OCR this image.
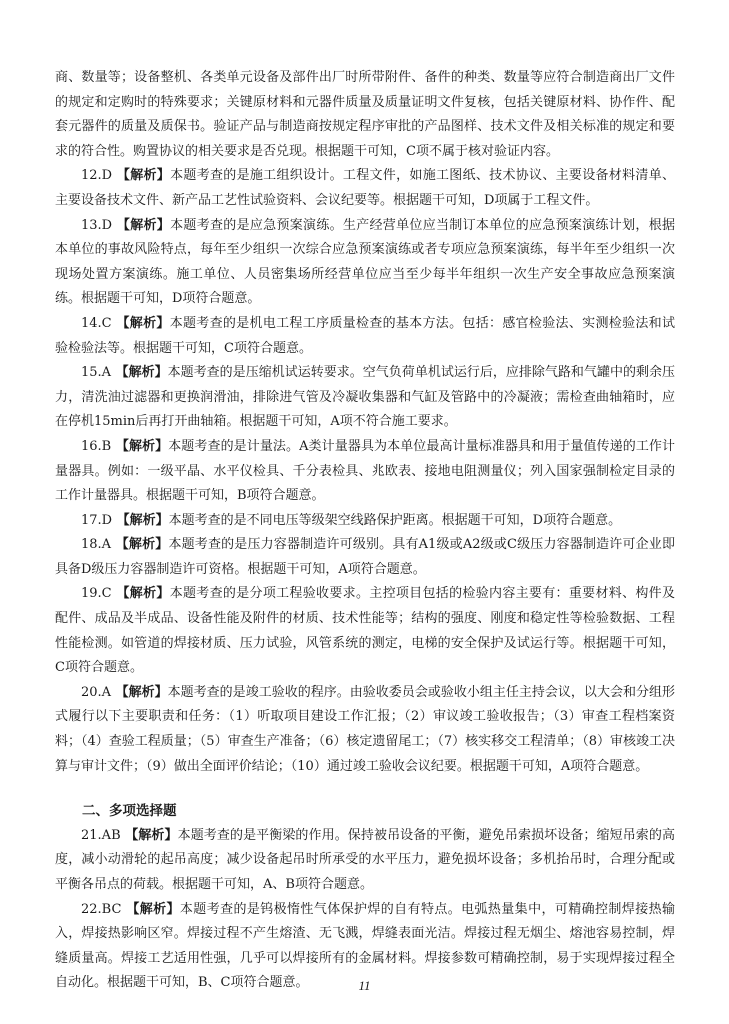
商、数量等；设备整机、各类单元设备及部件出厂时所带附件、备件的种类、数量等应符合制造商出厂文件的规定和定购时的特殊要求；关键原材料和元器件质量及质量证明文件复核，包括关键原材料、协作件、配套元器件的质量及质保书。验证产品与制造商按规定程序审批的产品图样、技术文件及相关标准的规定和要求的符合性。购置协议的相关要求是否兑现。根据题干可知，C项不属于核对验证内容。

12.D 【解析】本题考查的是施工组织设计。工程文件，如施工图纸、技术协议、主要设备材料清单、主要设备技术文件、新产品工艺性试验资料、会议纪要等。根据题干可知，D项属于工程文件。

13.D 【解析】本题考查的是应急预案演练。生产经营单位应当制订本单位的应急预案演练计划，根据本单位的事故风险特点，每年至少组织一次综合应急预案演练或者专项应急预案演练，每半年至少组织一次现场处置方案演练。施工单位、人员密集场所经营单位应当至少每半年组织一次生产安全事故应急预案演练。根据题干可知，D项符合题意。

14.C 【解析】本题考查的是机电工程工序质量检查的基本方法。包括：感官检验法、实测检验法和试验检验法等。根据题干可知，C项符合题意。

15.A 【解析】本题考查的是压缩机试运转要求。空气负荷单机试运行后，应排除气路和气罐中的剩余压力，清洗油过滤器和更换润滑油，排除进气管及冷凝收集器和气缸及管路中的冷凝液；需检查曲轴箱时，应在停机15min后再打开曲轴箱。根据题干可知，A项不符合施工要求。

16.B 【解析】本题考查的是计量法。A类计量器具为本单位最高计量标准器具和用于量值传递的工作计量器具。例如：一级平晶、水平仪检具、千分表检具、兆欧表、接地电阻测量仪；列入国家强制检定目录的工作计量器具。根据题干可知，B项符合题意。

17.D 【解析】本题考查的是不同电压等级架空线路保护距离。根据题干可知，D项符合题意。

18.A 【解析】本题考查的是压力容器制造许可级别。具有A1级或A2级或C级压力容器制造许可企业即具备D级压力容器制造许可资格。根据题干可知，A项符合题意。

19.C 【解析】本题考查的是分项工程验收要求。主控项目包括的检验内容主要有：重要材料、构件及配件、成品及半成品、设备性能及附件的材质、技术性能等；结构的强度、刚度和稳定性等检验数据、工程性能检测。如管道的焊接材质、压力试验，风管系统的测定，电梯的安全保护及试运行等。根据题干可知，C项符合题意。

20.A 【解析】本题考查的是竣工验收的程序。由验收委员会或验收小组主任主持会议，以大会和分组形式履行以下主要职责和任务：（1）听取项目建设工作汇报；（2）审议竣工验收报告；（3）审查工程档案资料；（4）查验工程质量；（5）审查生产准备；（6）核定遗留尾工；（7）核实移交工程清单；（8）审核竣工决算与审计文件；（9）做出全面评价结论；（10）通过竣工验收会议纪要。根据题干可知，A项符合题意。

二、多项选择题

21.AB 【解析】本题考查的是平衡梁的作用。保持被吊设备的平衡，避免吊索损坏设备；缩短吊索的高度，减小动滑轮的起吊高度；减少设备起吊时所承受的水平压力，避免损坏设备；多机抬吊时，合理分配或平衡各吊点的荷载。根据题干可知，A、B项符合题意。

22.BC 【解析】本题考查的是钨极惰性气体保护焊的自有特点。电弧热量集中，可精确控制焊接热输入，焊接热影响区窄。焊接过程不产生熔渣、无飞溅，焊缝表面光洁。焊接过程无烟尘、熔池容易控制，焊缝质量高。焊接工艺适用性强，几乎可以焊接所有的金属材料。焊接参数可精确控制，易于实现焊接过程全自动化。根据题干可知，B、C项符合题意。	11
